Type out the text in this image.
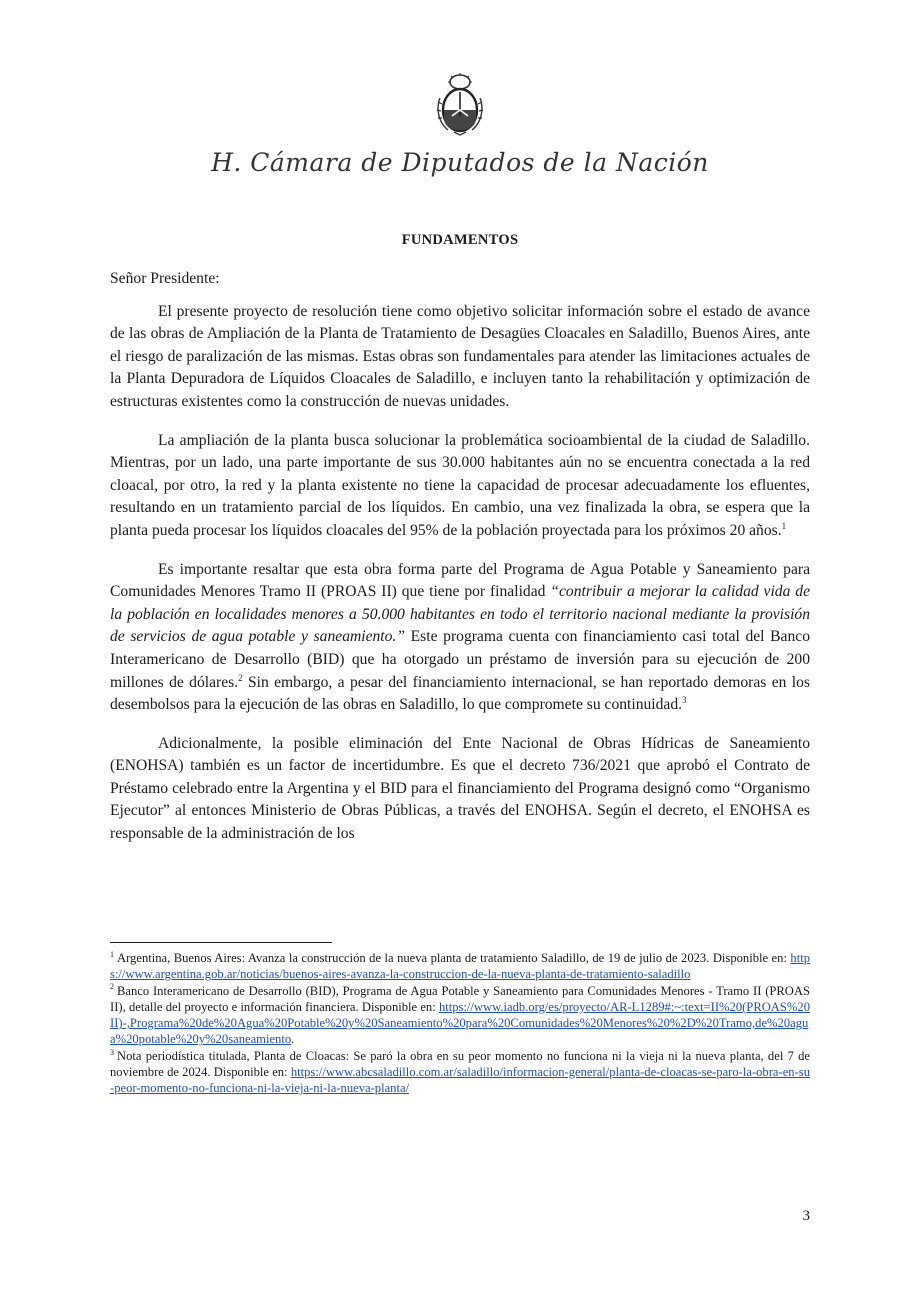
H. Cámara de Diputados de la Nación
FUNDAMENTOS

Señor Presidente:

El presente proyecto de resolución tiene como objetivo solicitar información sobre el estado de avance de las obras de Ampliación de la Planta de Tratamiento de Desagües Cloacales en Saladillo, Buenos Aires, ante el riesgo de paralización de las mismas. Estas obras son fundamentales para atender las limitaciones actuales de la Planta Depuradora de Líquidos Cloacales de Saladillo, e incluyen tanto la rehabilitación y optimización de estructuras existentes como la construcción de nuevas unidades.

La ampliación de la planta busca solucionar la problemática socioambiental de la ciudad de Saladillo. Mientras, por un lado, una parte importante de sus 30.000 habitantes aún no se encuentra conectada a la red cloacal, por otro, la red y la planta existente no tiene la capacidad de procesar adecuadamente los efluentes, resultando en un tratamiento parcial de los líquidos. En cambio, una vez finalizada la obra, se espera que la planta pueda procesar los líquidos cloacales del 95% de la población proyectada para los próximos 20 años.$^1$

Es importante resaltar que esta obra forma parte del Programa de Agua Potable y Saneamiento para Comunidades Menores Tramo II (PROAS II) que tiene por finalidad “contribuir a mejorar la calidad vida de la población en localidades menores a 50.000 habitantes en todo el territorio nacional mediante la provisión de servicios de agua potable y saneamiento.” Este programa cuenta con financiamiento casi total del Banco Interamericano de Desarrollo (BID) que ha otorgado un préstamo de inversión para su ejecución de 200 millones de dólares.$^2$ Sin embargo, a pesar del financiamiento internacional, se han reportado demoras en los desembolsos para la ejecución de las obras en Saladillo, lo que compromete su continuidad.$^3$

Adicionalmente, la posible eliminación del Ente Nacional de Obras Hídricas de Saneamiento (ENOHSA) también es un factor de incertidumbre. Es que el decreto 736/2021 que aprobó el Contrato de Préstamo celebrado entre la Argentina y el BID para el financiamiento del Programa designó como “Organismo Ejecutor” al entonces Ministerio de Obras Públicas, a través del ENOHSA. Según el decreto, el ENOHSA es responsable de la administración de los

$^1$ Argentina, Buenos Aires: Avanza la construcción de la nueva planta de tratamiento Saladillo, de 19 de julio de 2023. Disponible en: https://www.argentina.gob.ar/noticias/buenos-aires-avanza-la-construccion-de-la-nueva-planta-de-tratamiento-saladillo

$^2$ Banco Interamericano de Desarrollo (BID), Programa de Agua Potable y Saneamiento para Comunidades Menores - Tramo II (PROAS II), detalle del proyecto e información financiera. Disponible en: https://www.iadb.org/es/proyecto/AR-L1289#:~:text=II%20(PROAS%20II)-,Programa%20de%20Agua%20Potable%20y%20Saneamiento%20para%20Comunidades%20Menores%20%2D%20Tramo,de%20agua%20potable%20y%20saneamiento.

$^3$ Nota periodística titulada, Planta de Cloacas: Se paró la obra en su peor momento no funciona ni la vieja ni la nueva planta, del 7 de noviembre de 2024. Disponible en: https://www.abcsaladillo.com.ar/saladillo/informacion-general/planta-de-cloacas-se-paro-la-obra-en-su-peor-momento-no-funciona-ni-la-vieja-ni-la-nueva-planta/

3
